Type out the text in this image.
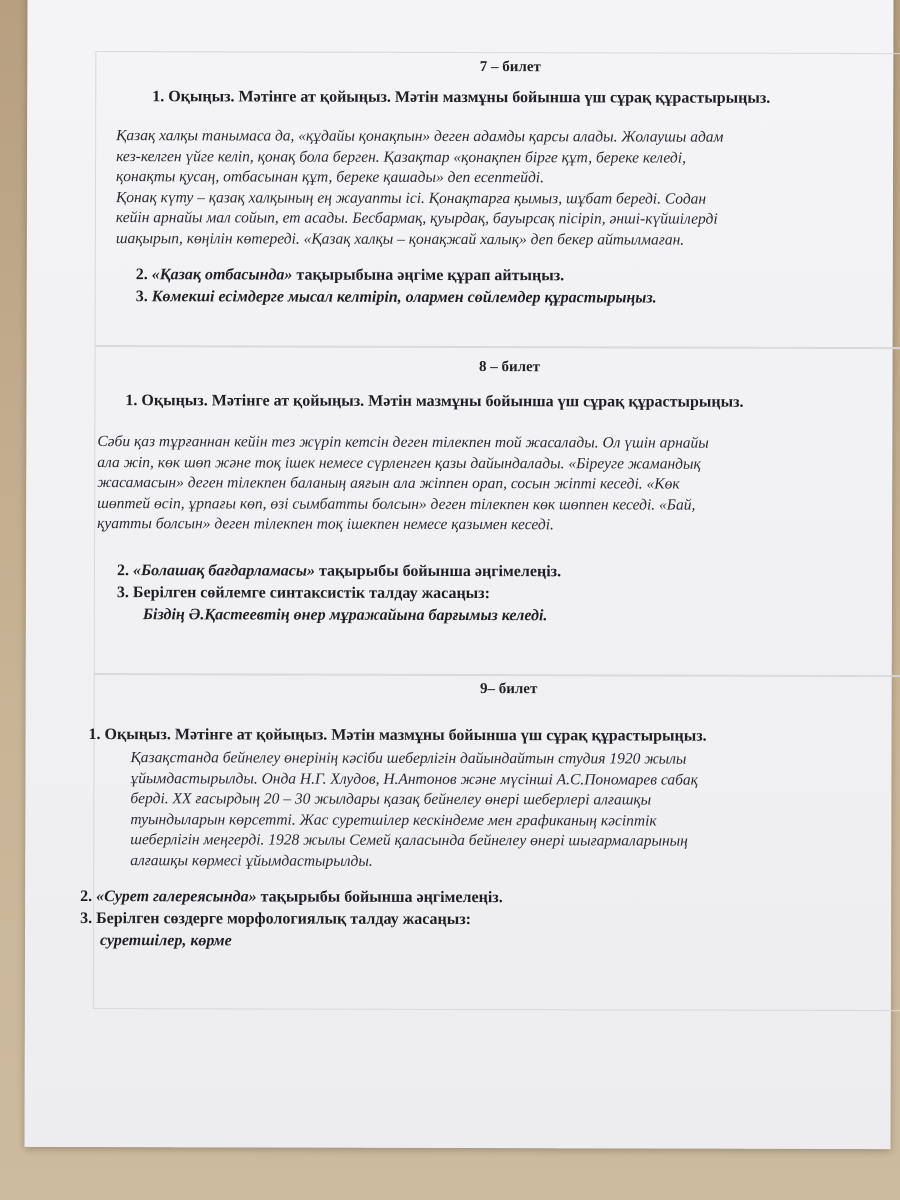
7 – билет
1. Оқыңыз. Мәтінге ат қойыңыз. Мәтін мазмұны бойынша үш сұрақ құрастырыңыз.
Қазақ халқы танымаса да, «құдайы қонақпын» деген адамды қарсы алады. Жолаушы адам
кез-келген үйге келіп, қонақ бола берген. Қазақтар «қонақпен бірге құт, береке келеді,
қонақты қусаң, отбасынан құт, береке қашады» деп есептейді.
Қонақ күту – қазақ халқының ең жауапты ісі. Қонақтарға қымыз, шұбат береді. Содан
кейін арнайы мал сойып, ет асады. Бесбармақ, қуырдақ, бауырсақ пісіріп, әнші-күйшілерді
шақырып, көңілін көтереді. «Қазақ халқы – қонақжай халық» деп бекер айтылмаған.
2. «Қазақ отбасында» тақырыбына әңгіме құрап айтыңыз.
3. Көмекші есімдерге мысал келтіріп, олармен сөйлемдер құрастырыңыз.
8 – билет
1. Оқыңыз. Мәтінге ат қойыңыз. Мәтін мазмұны бойынша үш сұрақ құрастырыңыз.
Сәби қаз тұрғаннан кейін тез жүріп кетсін деген тілекпен той жасалады. Ол үшін арнайы
ала жіп, көк шөп және тоқ ішек немесе сүрленген қазы дайындалады. «Біреуге жамандық
жасамасын» деген тілекпен баланың аяғын ала жіппен орап, сосын жіпті кеседі. «Көк
шөптей өсіп, ұрпағы көп, өзі сымбатты болсын» деген тілекпен көк шөппен кеседі. «Бай,
қуатты болсын» деген тілекпен тоқ ішекпен немесе қазымен кеседі.
2. «Болашақ бағдарламасы» тақырыбы бойынша әңгімелеңіз.
3. Берілген сөйлемге синтаксистік талдау жасаңыз:
Біздің Ә.Қастеевтің өнер мұражайына барғымыз келеді.
9– билет
1. Оқыңыз. Мәтінге ат қойыңыз. Мәтін мазмұны бойынша үш сұрақ құрастырыңыз.
Қазақстанда бейнелеу өнерінің кәсіби шеберлігін дайындайтын студия 1920 жылы
ұйымдастырылды. Онда Н.Г. Хлудов, Н.Антонов және мүсінші А.С.Пономарев сабақ
берді. XX ғасырдың 20 – 30 жылдары қазақ бейнелеу өнері шеберлері алғашқы
туындыларын көрсетті. Жас суретшілер кескіндеме мен графиканың кәсіптік
шеберлігін меңгерді. 1928 жылы Семей қаласында бейнелеу өнері шығармаларының
алғашқы көрмесі ұйымдастырылды.
2. «Сурет галереясында» тақырыбы бойынша әңгімелеңіз.
3. Берілген сөздерге морфологиялық талдау жасаңыз:
суретшілер, көрме
